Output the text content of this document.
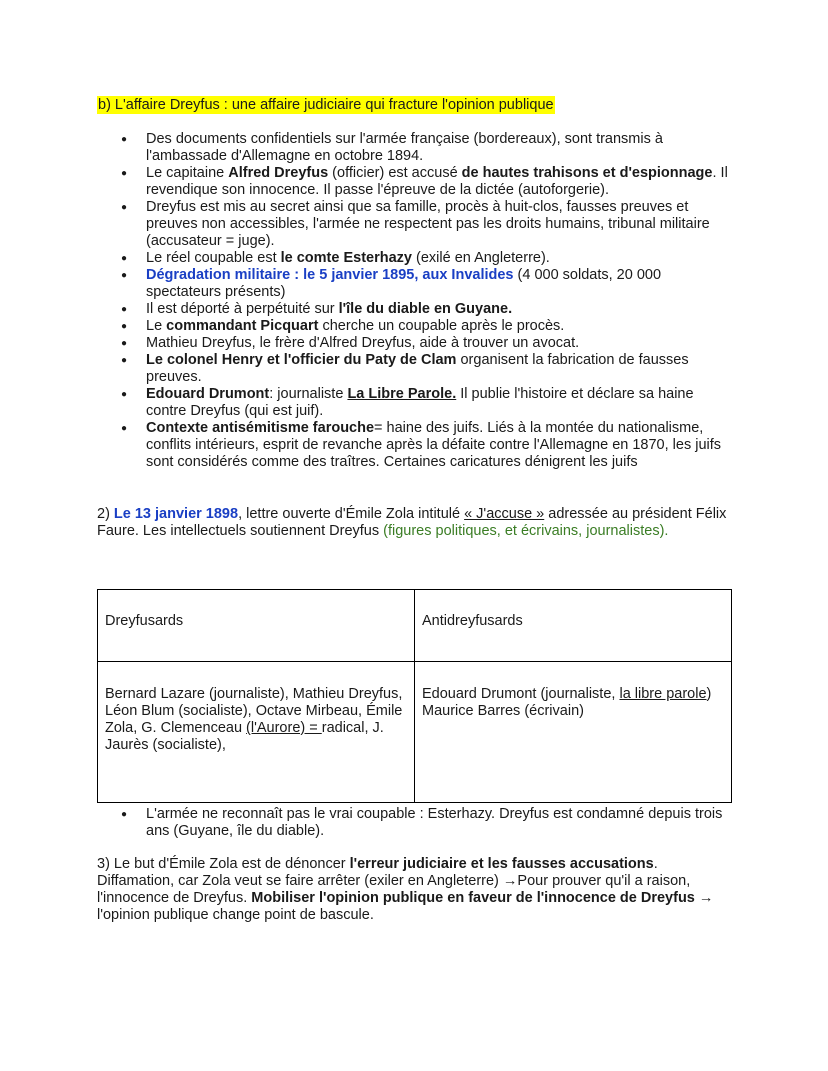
b) L'affaire Dreyfus : une affaire judiciaire qui fracture l'opinion publique
● Des documents confidentiels sur l'armée française (bordereaux), sont transmis à l'ambassade d'Allemagne en octobre 1894.
● Le capitaine Alfred Dreyfus (officier) est accusé de hautes trahisons et d'espionnage. Il revendique son innocence. Il passe l'épreuve de la dictée (autoforgerie).
● Dreyfus est mis au secret ainsi que sa famille, procès à huit-clos, fausses preuves et preuves non accessibles, l'armée ne respectent pas les droits humains, tribunal militaire (accusateur = juge).
● Le réel coupable est le comte Esterhazy (exilé en Angleterre).
● Dégradation militaire : le 5 janvier 1895, aux Invalides (4 000 soldats, 20 000 spectateurs présents)
● Il est déporté à perpétuité sur l'île du diable en Guyane.
● Le commandant Picquart cherche un coupable après le procès.
● Mathieu Dreyfus, le frère d'Alfred Dreyfus, aide à trouver un avocat.
● Le colonel Henry et l'officier du Paty de Clam organisent la fabrication de fausses preuves.
● Edouard Drumont: journaliste La Libre Parole. Il publie l'histoire et déclare sa haine contre Dreyfus (qui est juif).
● Contexte antisémitisme farouche= haine des juifs. Liés à la montée du nationalisme, conflits intérieurs, esprit de revanche après la défaite contre l'Allemagne en 1870, les juifs sont considérés comme des traîtres. Certaines caricatures dénigrent les juifs

2) Le 13 janvier 1898, lettre ouverte d'Émile Zola intitulé « J'accuse » adressée au président Félix Faure. Les intellectuels soutiennent Dreyfus (figures politiques, et écrivains, journalistes).

Dreyfusards	Antidreyfusards
Bernard Lazare (journaliste), Mathieu Dreyfus, Léon Blum (socialiste), Octave Mirbeau, Émile Zola, G. Clemenceau (l'Aurore) = radical, J. Jaurès (socialiste),	Edouard Drumont (journaliste, la libre parole)
Maurice Barres (écrivain)
● L'armée ne reconnaît pas le vrai coupable : Esterhazy. Dreyfus est condamné depuis trois ans (Guyane, île du diable).

3) Le but d'Émile Zola est de dénoncer l'erreur judiciaire et les fausses accusations. Diffamation, car Zola veut se faire arrêter (exiler en Angleterre) →Pour prouver qu'il a raison, l'innocence de Dreyfus. Mobiliser l'opinion publique en faveur de l'innocence de Dreyfus → l'opinion publique change point de bascule.
